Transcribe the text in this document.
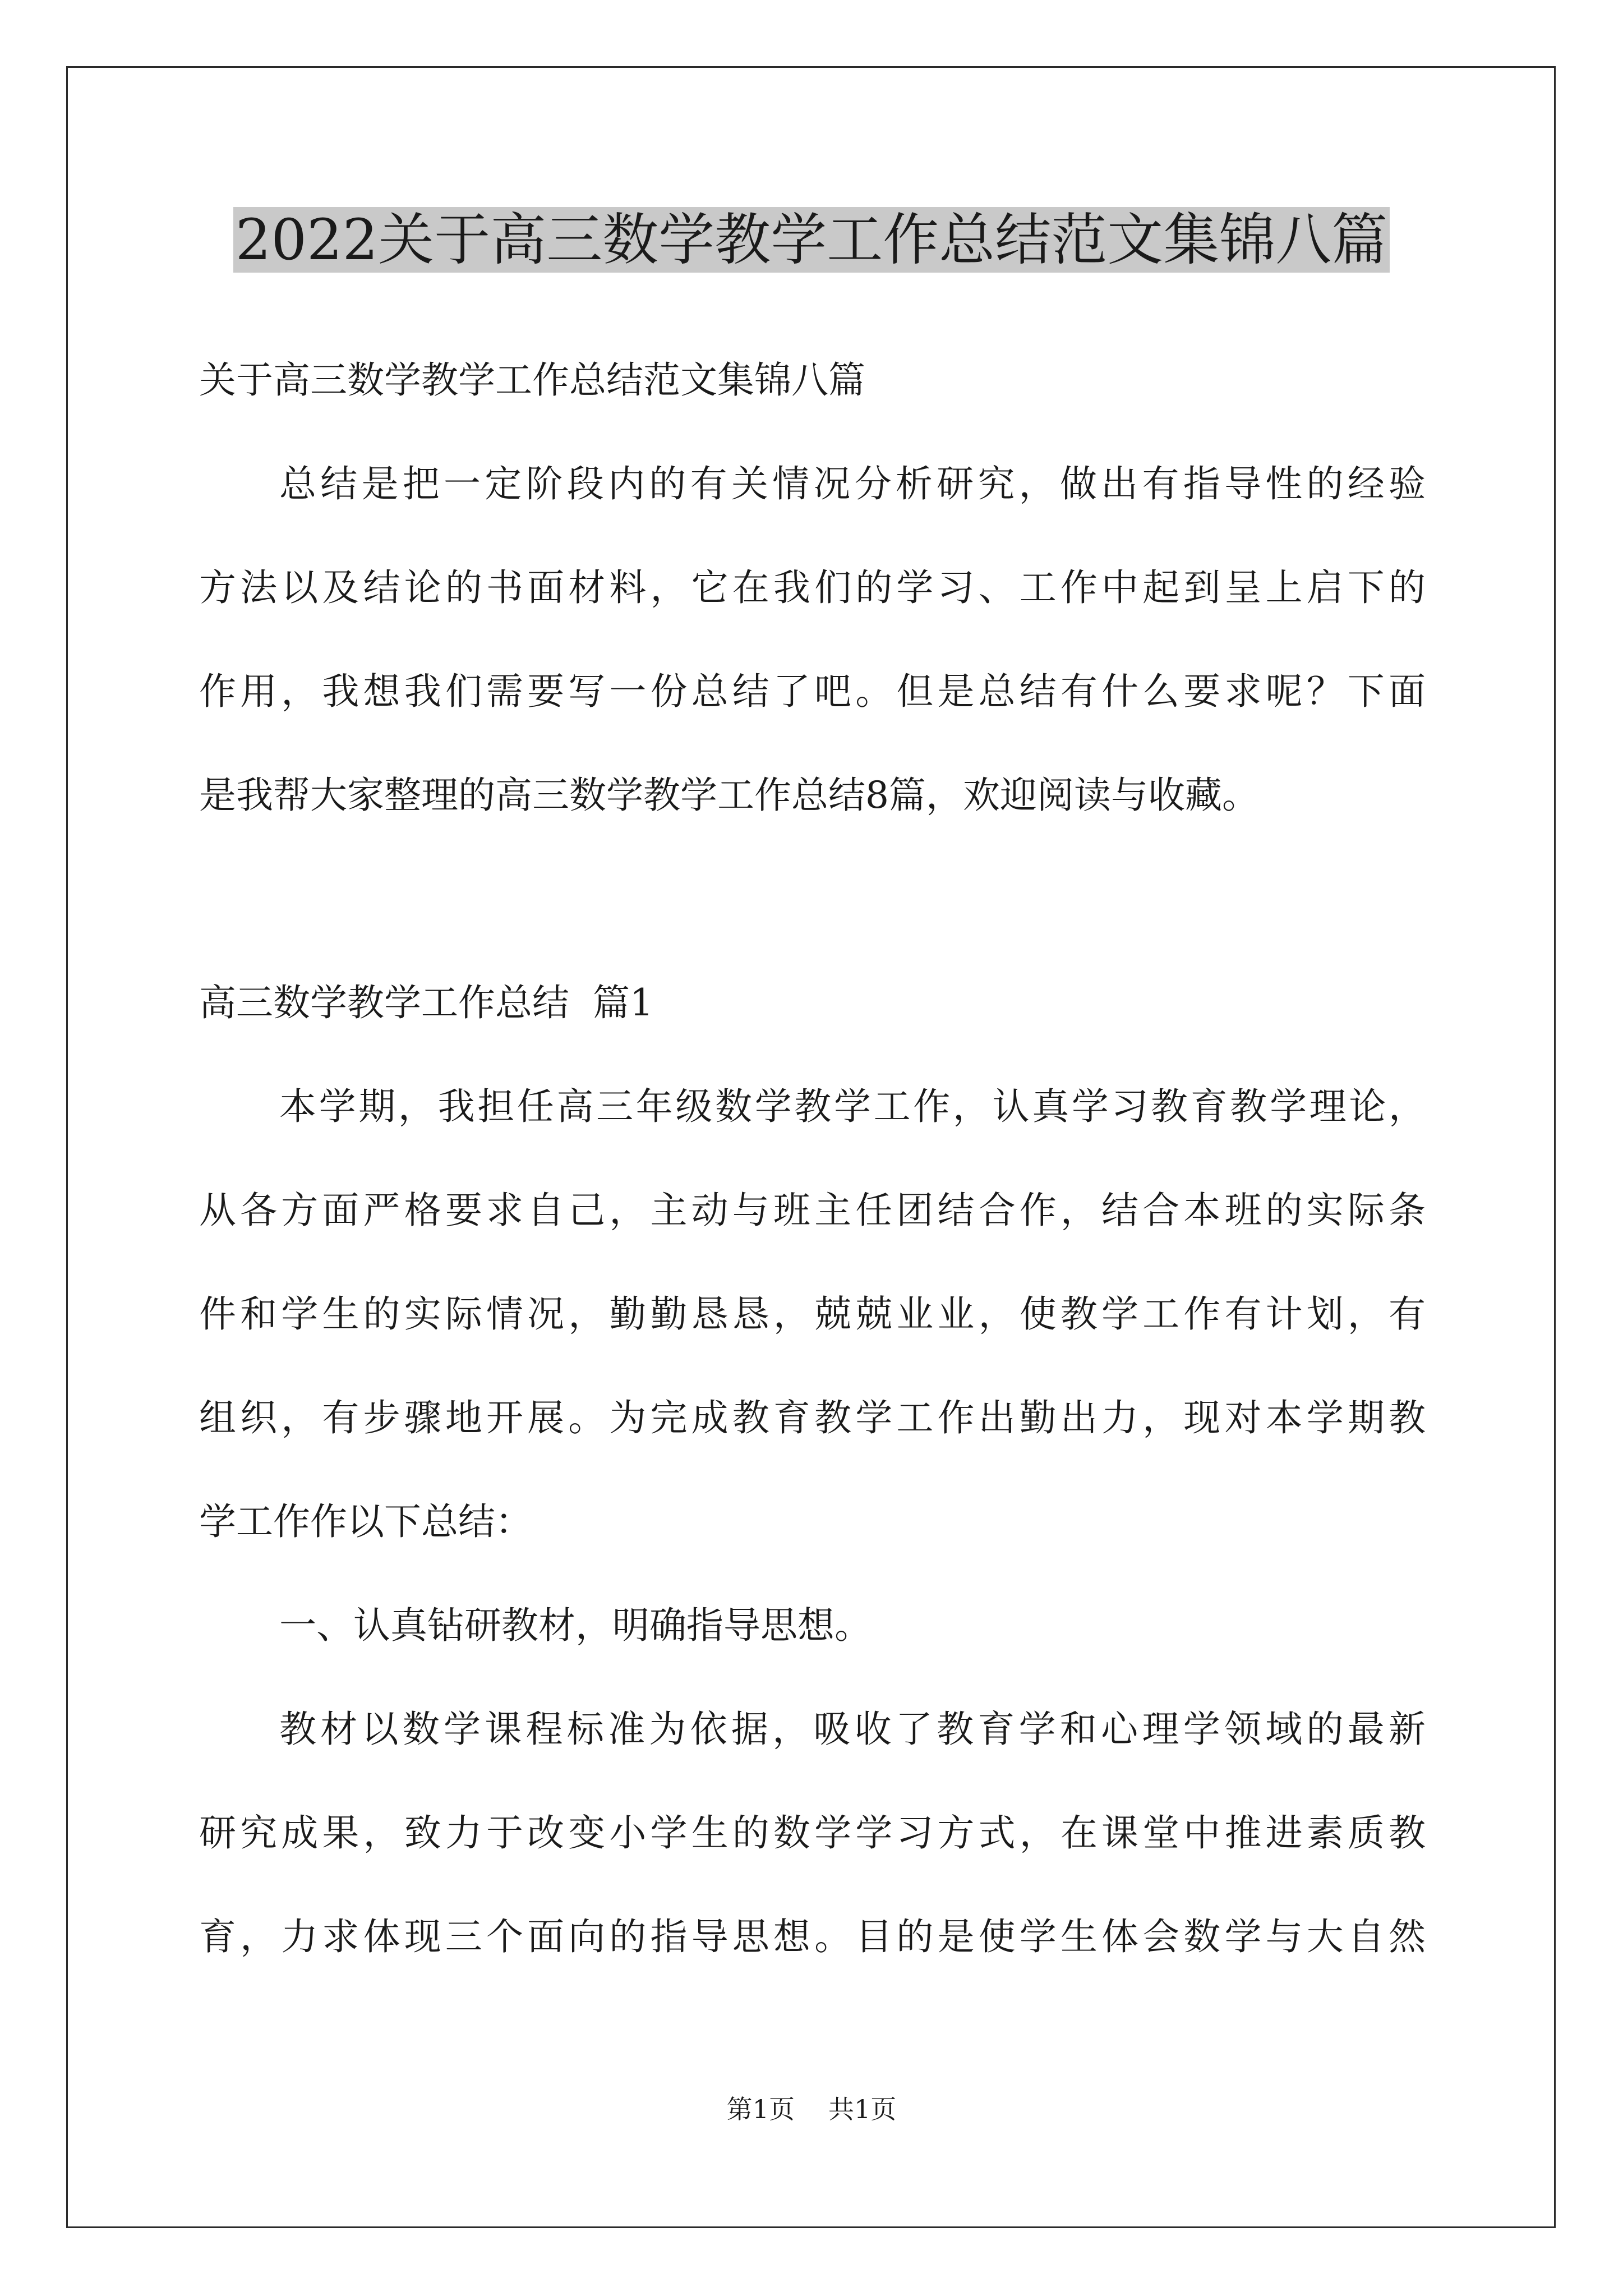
2022关于高三数学教学工作总结范文集锦八篇

关于高三数学教学工作总结范文集锦八篇

总结是把一定阶段内的有关情况分析研究，做出有指导性的经验

方法以及结论的书面材料，它在我们的学习、工作中起到呈上启下的

作用，我想我们需要写一份总结了吧。但是总结有什么要求呢？下面

是我帮大家整理的高三数学教学工作总结8篇，欢迎阅读与收藏。

高三数学教学工作总结  篇1

本学期，我担任高三年级数学教学工作，认真学习教育教学理论，

从各方面严格要求自己，主动与班主任团结合作，结合本班的实际条

件和学生的实际情况，勤勤恳恳，兢兢业业，使教学工作有计划，有

组织，有步骤地开展。为完成教育教学工作出勤出力，现对本学期教

学工作作以下总结：

一、认真钻研教材，明确指导思想。

教材以数学课程标准为依据，吸收了教育学和心理学领域的最新

研究成果，致力于改变小学生的数学学习方式，在课堂中推进素质教

育，力求体现三个面向的指导思想。目的是使学生体会数学与大自然

第1页 共1页
